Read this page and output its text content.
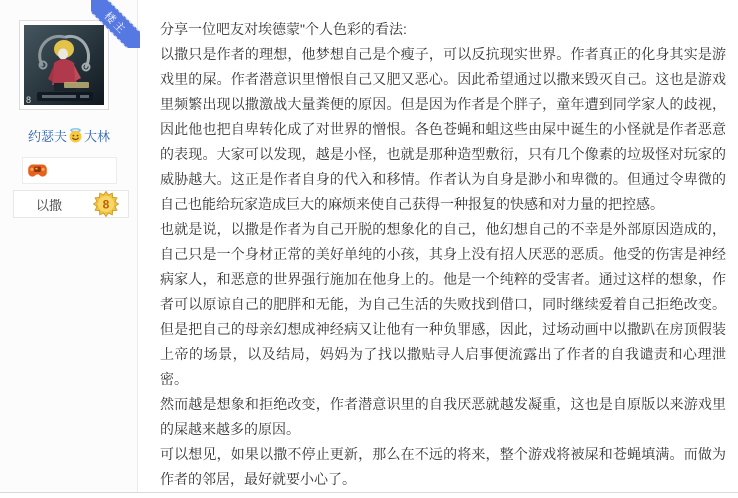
楼主
8
约瑟夫 大林
以撒	8

分享一位吧友对埃德蒙"个人色彩的看法:

以撒只是作者的理想，他梦想自己是个瘦子，可以反抗现实世界。作者真正的化身其实是游戏里的屎。作者潜意识里憎恨自己又肥又恶心。因此希望通过以撒来毁灭自己。这也是游戏里频繁出现以撒激战大量粪便的原因。但是因为作者是个胖子，童年遭到同学家人的歧视，因此他也把自卑转化成了对世界的憎恨。各色苍蝇和蛆这些由屎中诞生的小怪就是作者恶意的表现。大家可以发现，越是小怪，也就是那种造型敷衍，只有几个像素的垃圾怪对玩家的威胁越大。这正是作者自身的代入和移情。作者认为自身是渺小和卑微的。但通过令卑微的自己也能给玩家造成巨大的麻烦来使自己获得一种报复的快感和对力量的把控感。

也就是说，以撒是作者为自己开脱的想象化的自己，他幻想自己的不幸是外部原因造成的，自己只是一个身材正常的美好单纯的小孩，其身上没有招人厌恶的恶质。他受的伤害是神经病家人，和恶意的世界强行施加在他身上的。他是一个纯粹的受害者。通过这样的想象，作者可以原谅自己的肥胖和无能，为自己生活的失败找到借口，同时继续爱着自己拒绝改变。但是把自己的母亲幻想成神经病又让他有一种负罪感，因此，过场动画中以撒趴在房顶假装上帝的场景，以及结局，妈妈为了找以撒贴寻人启事便流露出了作者的自我谴责和心理泄密。

然而越是想象和拒绝改变，作者潜意识里的自我厌恶就越发凝重，这也是自原版以来游戏里的屎越来越多的原因。

可以想见，如果以撒不停止更新，那么在不远的将来，整个游戏将被屎和苍蝇填满。而做为作者的邻居，最好就要小心了。
